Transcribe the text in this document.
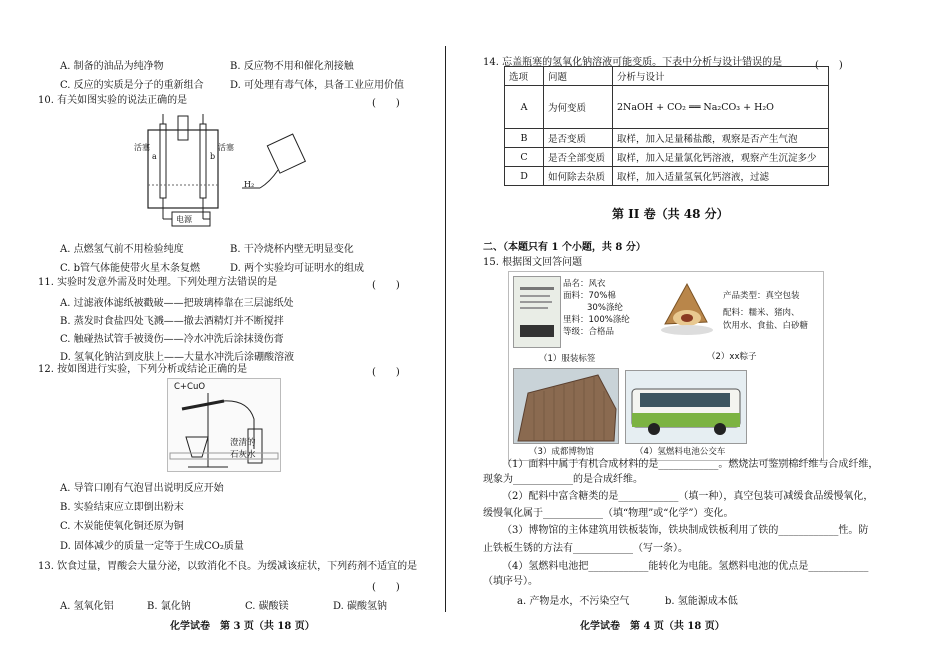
A. 制备的油品为纯净物	B. 反应物不用和催化剂接触
C. 反应的实质是分子的重新组合	D. 可处理有毒气体，具备工业应用价值
10. 有关如图实验的说法正确的是	(　　)
活塞	活塞
a	b
电源
H₂
A. 点燃氢气前不用检验纯度	B. 干冷烧杯内壁无明显变化
C. b管气体能使带火星木条复燃	D. 两个实验均可证明水的组成
11. 实验时发意外需及时处理。下列处理方法错误的是	(　　)
A. 过滤液体滤纸被戳破——把玻璃棒靠在三层滤纸处
B. 蒸发时食盐四处飞溅——撤去酒精灯并不断搅拌
C. 触碰热试管手被烫伤——冷水冲洗后涂抹烫伤膏
D. 氢氧化钠沾到皮肤上——大量水冲洗后涂硼酸溶液
12. 按如图进行实验，下列分析或结论正确的是	(　　)
C+CuO
澄清的
石灰水
A. 导管口刚有气泡冒出说明反应开始
B. 实验结束应立即倒出粉末
C. 木炭能使氧化铜还原为铜
D. 固体减少的质量一定等于生成CO₂质量
13. 饮食过量，胃酸会大量分泌，以致消化不良。为缓减该症状，下列药剂不适宜的是
(　　)
A. 氢氧化铝	B. 氯化钠	C. 碳酸镁	D. 碳酸氢钠
化学试卷　第 3 页（共 18 页）
14. 忘盖瓶塞的氢氧化钠溶液可能变质。下表中分析与设计错误的是	(　　)
选项	问题	分析与设计
A	为何变质	2NaOH + CO₂ ══ Na₂CO₃ + H₂O
B	是否变质	取样，加入足量稀盐酸，观察是否产生气泡
C	是否全部变质	取样，加入足量氯化钙溶液，观察产生沉淀多少
D	如何除去杂质	取样，加入适量氢氧化钙溶液，过滤
第 II 卷（共 48 分）
二、（本题只有 1 个小题，共 8 分）
15. 根据图文回答问题
品名：风衣
面料：70%棉
30%涤纶
里料：100%涤纶
等级：合格品
（1）服装标签
产品类型：真空包装
配料：糯米、猪肉、
饮用水、食盐、白砂糖
（2）xx粽子
（3）成都博物馆	（4）氢燃料电池公交车
（1）面料中属于有机合成材料的是____________。燃烧法可鉴别棉纤维与合成纤维，
现象为____________的是合成纤维。
（2）配料中富含糖类的是____________（填一种），真空包装可减缓食品缓慢氧化，
缓慢氧化属于____________（填“物理”或“化学”）变化。
（3）博物馆的主体建筑用铁板装饰，铁块制成铁板利用了铁的____________性。防
止铁板生锈的方法有____________（写一条）。
（4）氢燃料电池把____________能转化为电能。氢燃料电池的优点是____________
（填序号）。
化学试卷　第 4 页（共 18 页）
a. 产物是水，不污染空气	b. 氢能源成本低
